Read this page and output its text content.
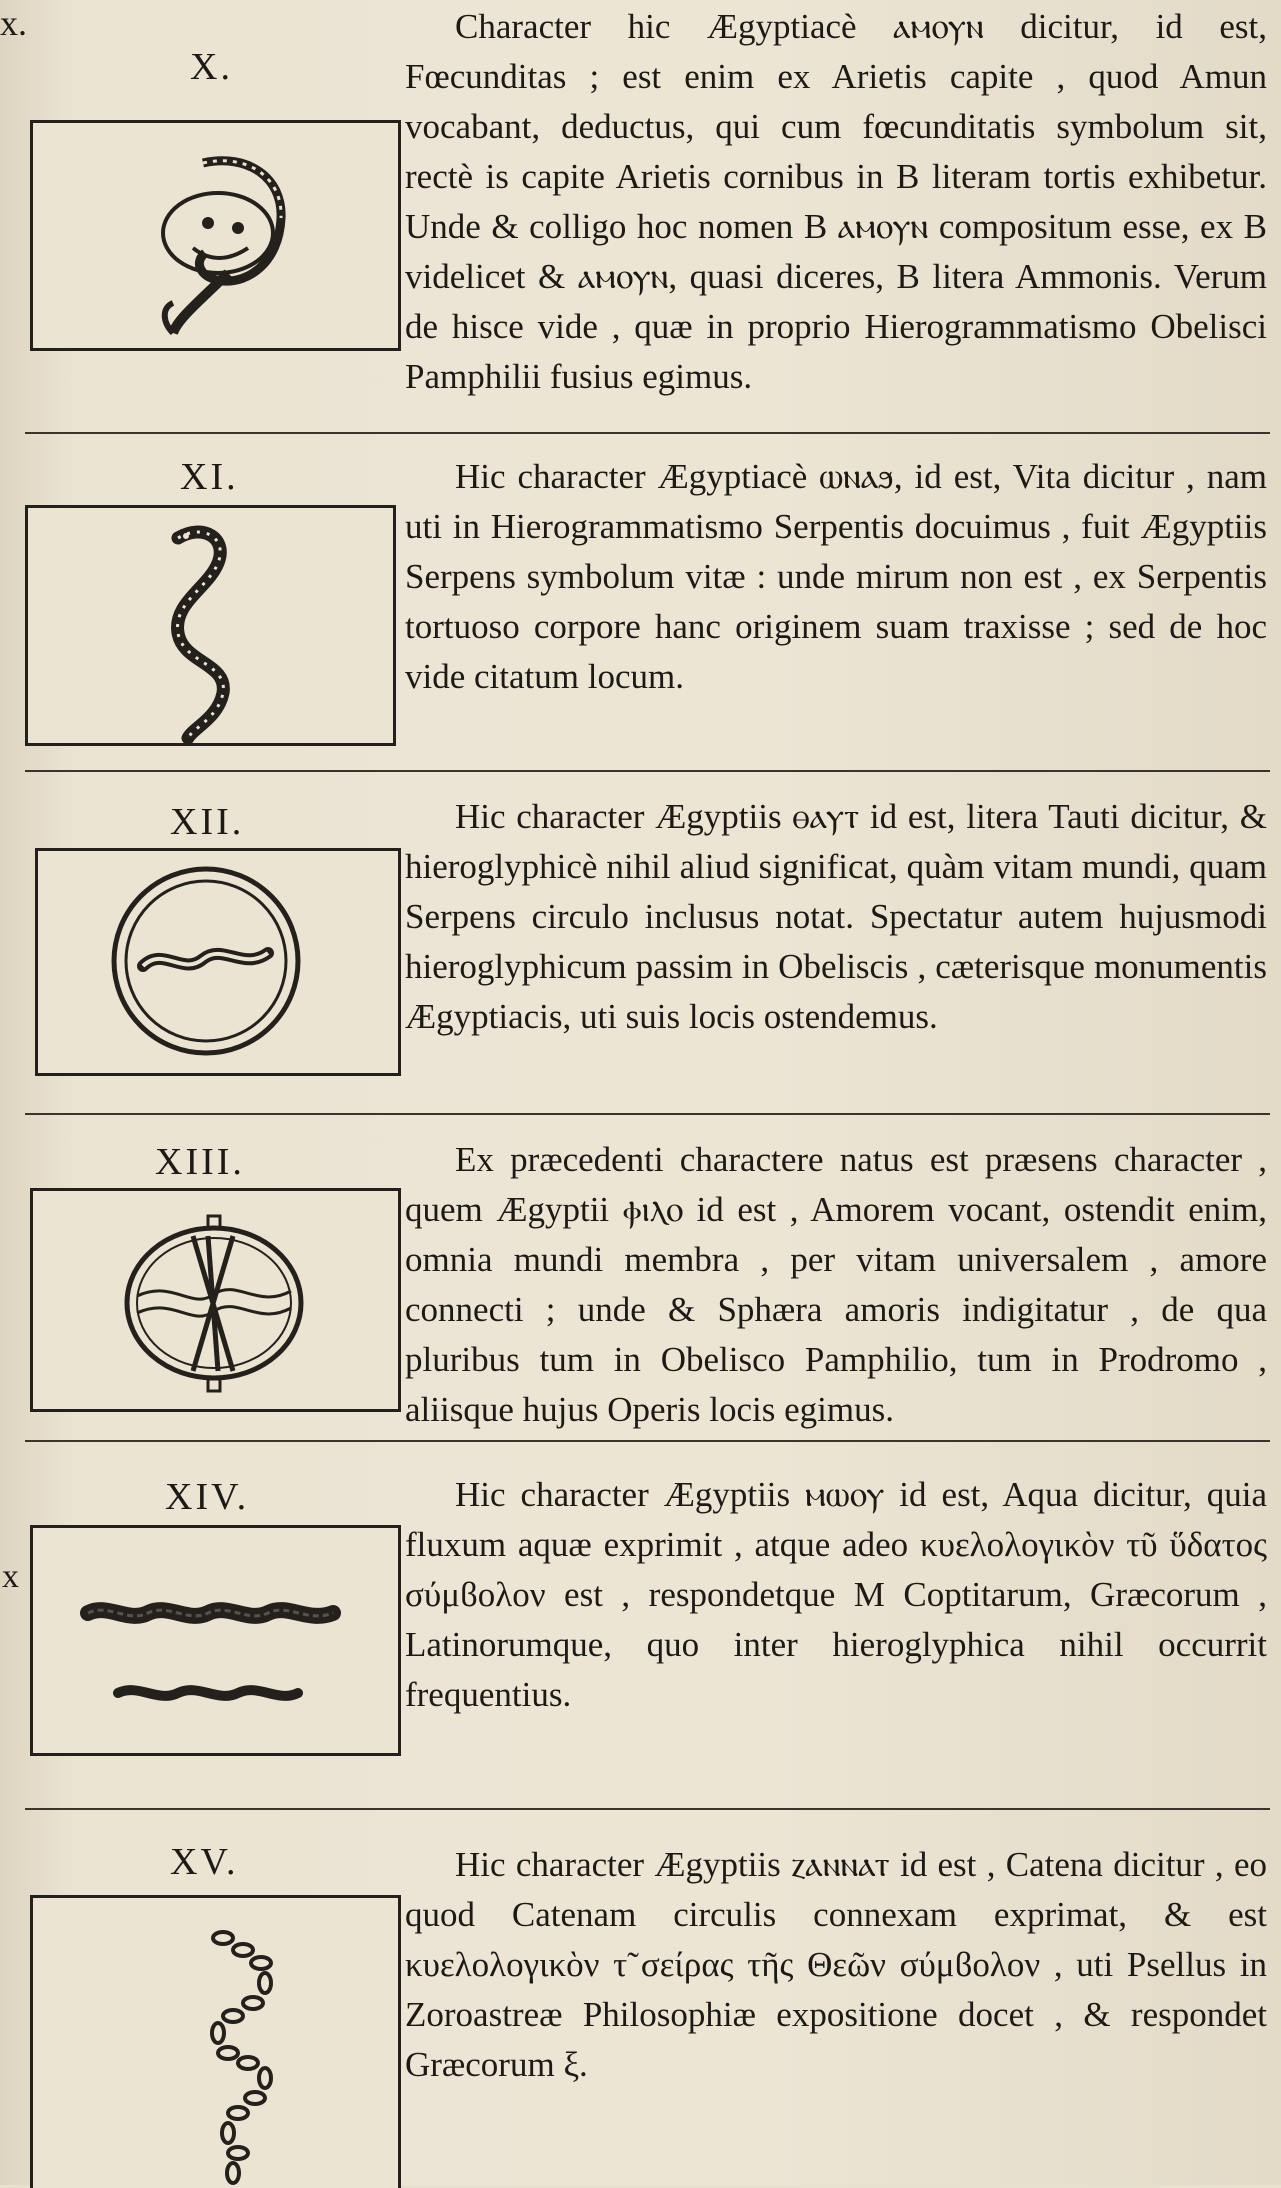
x.
x
X.

Character hic Ægyptiacè ⲁⲙⲟⲩⲛ dicitur, id est, Fœcunditas ; est enim ex Arietis capite , quod Amun vocabant, deductus, qui cum fœcunditatis symbolum sit, rectè is capite Arietis cornibus in B literam tortis exhibetur. Unde & colligo hoc nomen B ⲁⲙⲟⲩⲛ compositum esse, ex B videlicet & ⲁⲙⲟⲩⲛ, quasi diceres, B litera Ammonis. Verum de hisce vide , quæ in proprio Hierogrammatismo Obelisci Pamphilii fusius egimus.

XI.	Hic character Ægyptiacè ⲱⲛⲁϧ, id est, Vita dicitur , nam uti in Hierogrammatismo Serpentis docuimus , fuit Ægyptiis Serpens symbolum vitæ : unde mirum non est , ex Serpentis tortuoso corpore hanc originem suam traxisse ; sed de hoc vide citatum locum.

XII.	Hic character Ægyptiis ⲑⲁⲩⲧ id est, litera Tauti dicitur, & hieroglyphicè nihil aliud significat, quàm vitam mundi, quam Serpens circulo inclusus notat. Spectatur autem hujusmodi hieroglyphicum passim in Obeliscis , cæterisque monumentis Ægyptiacis, uti suis locis ostendemus.

XIII.	Ex præcedenti charactere natus est præsens character , quem Ægyptii ⲫⲓⲗⲟ id est , Amorem vocant, ostendit enim, omnia mundi membra , per vitam universalem , amore connecti ; unde & Sphæra amoris indigitatur , de qua pluribus tum in Obelisco Pamphilio, tum in Prodromo , aliisque hujus Operis locis egimus.

XIV.	Hic character Ægyptiis ⲙⲱⲟⲩ id est, Aqua dicitur, quia fluxum aquæ exprimit , atque adeo κυελολογικὸν τῦ ὕδατος σύμϐολον est , respondetque M Coptitarum, Græcorum , Latinorumque, quo inter hieroglyphica nihil occurrit frequentius.

XV.	Hic character Ægyptiis ⲍⲁⲛⲛⲁⲧ id est , Catena dicitur , eo quod Catenam circulis connexam exprimat, & est κυελολογικὸν τ̃ σείρας τῆς Θεῶν σύμϐολον , uti Psellus in Zoroastreæ Philosophiæ expositione docet , & respondet Græcorum ξ.
